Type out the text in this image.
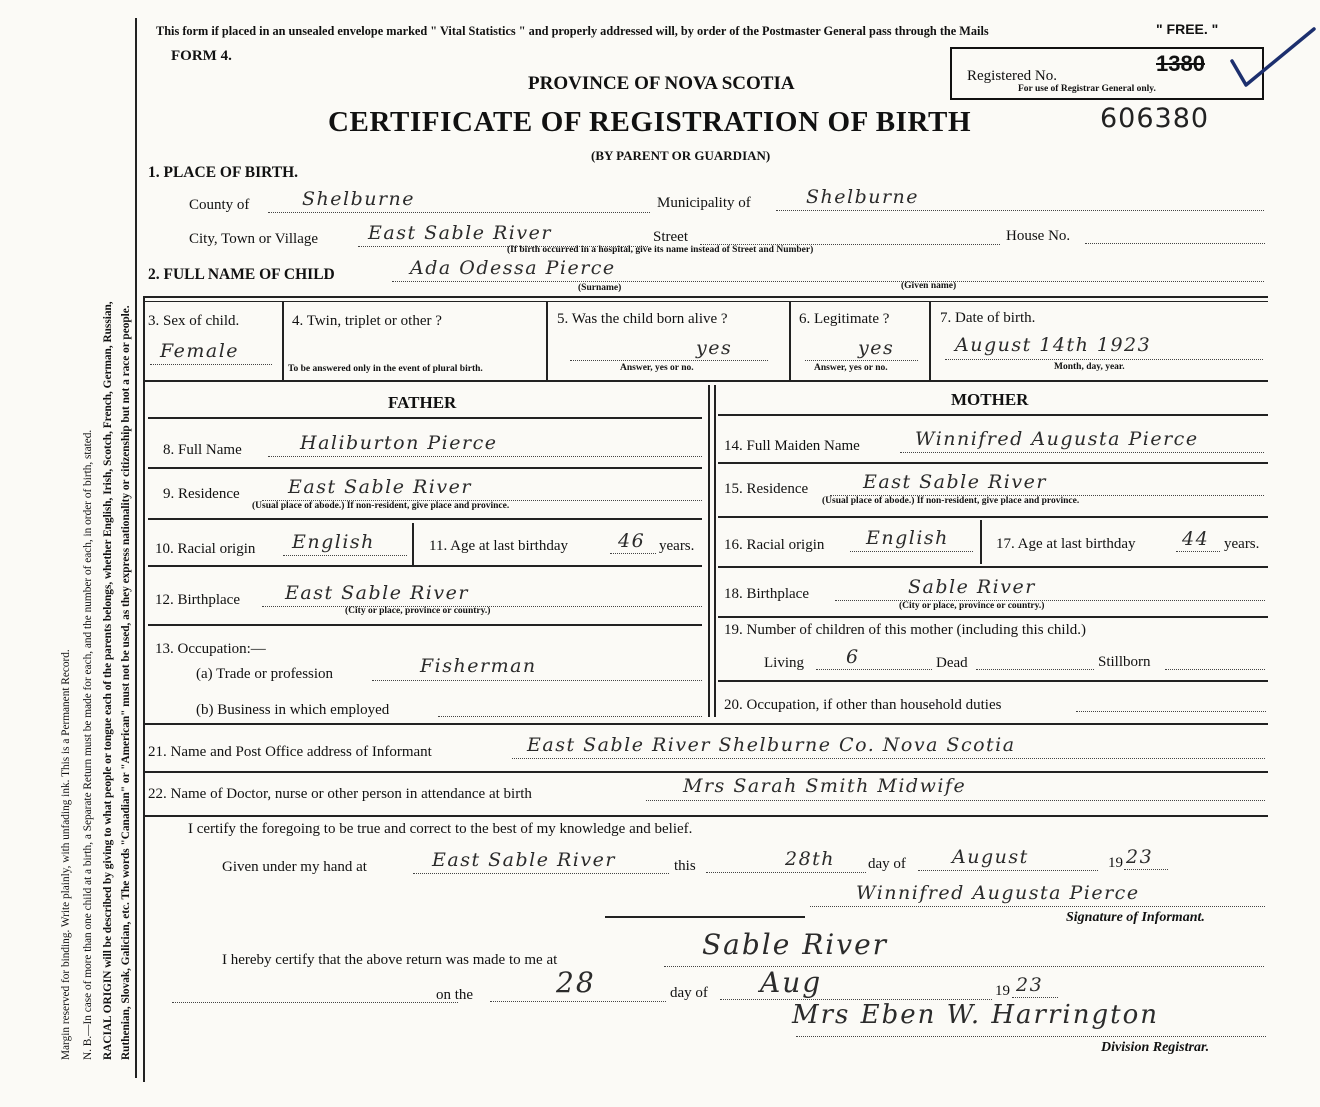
Margin reserved for binding. Write plainly, with unfading ink. This is a Permanent Record. N. B.—In case of more than one child at a birth, a Separate Return must be made for each, and the number of each, in order of birth, stated. RACIAL ORIGIN will be described by giving to what people or tongue each of the parents belongs, whether English, Irish, Scotch, French, German, Russian, Ruthenian, Slovak, Galician, etc. The words "Canadian" or "American" must not be used, as they express nationality or citizenship but not a race or people.
This form if placed in an unsealed envelope marked " Vital Statistics " and properly addressed will, by order of the Postmaster General pass through the Mails	" FREE. "
FORM 4.
PROVINCE OF NOVA SCOTIA
CERTIFICATE OF REGISTRATION OF BIRTH	606380
(BY PARENT OR GUARDIAN)
Registered No.
For use of Registrar General only.
1380
1. PLACE OF BIRTH.
County of	Shelburne	Municipality of	Shelburne
City, Town or Village	East Sable River	Street	House No.
(If birth occurred in a hospital, give its name instead of Street and Number)
2. FULL NAME OF CHILD	Ada Odessa Pierce
(Surname)	(Given name)
3. Sex of child.
Female
4. Twin, triplet or other ?
To be answered only in the event of plural birth.
5. Was the child born alive ?
yes
Answer, yes or no.
6. Legitimate ?
yes
Answer, yes or no.
7. Date of birth.
August 14th 1923
Month, day, year.
FATHER
8. Full Name	Haliburton Pierce
9. Residence	East Sable River
(Usual place of abode.) If non-resident, give place and province.
10. Racial origin English	11. Age at last birthday	46 years.
12. Birthplace East Sable River
(City or place, province or country.)
13. Occupation:—
(a) Trade or profession	Fisherman
(b) Business in which employed
MOTHER
14. Full Maiden Name	Winnifred Augusta Pierce
15. Residence	East Sable River
(Usual place of abode.) If non-resident, give place and province.
16. Racial origin English	17. Age at last birthday 44 years.
18. Birthplace	Sable River
(City or place, province or country.)
19. Number of children of this mother (including this child.)
Living 6	Dead	Stillborn
20. Occupation, if other than household duties
21. Name and Post Office address of Informant	East Sable River Shelburne Co. Nova Scotia
22. Name of Doctor, nurse or other person in attendance at birth	Mrs Sarah Smith Midwife
I certify the foregoing to be true and correct to the best of my knowledge and belief.
Given under my hand at	East Sable River	this	28th day of August	19 23
Winnifred Augusta Pierce
Signature of Informant.
I hereby certify that the above return was made to me at	Sable River
on the	28	day of Aug	19 23
Mrs Eben W. Harrington
Division Registrar.
